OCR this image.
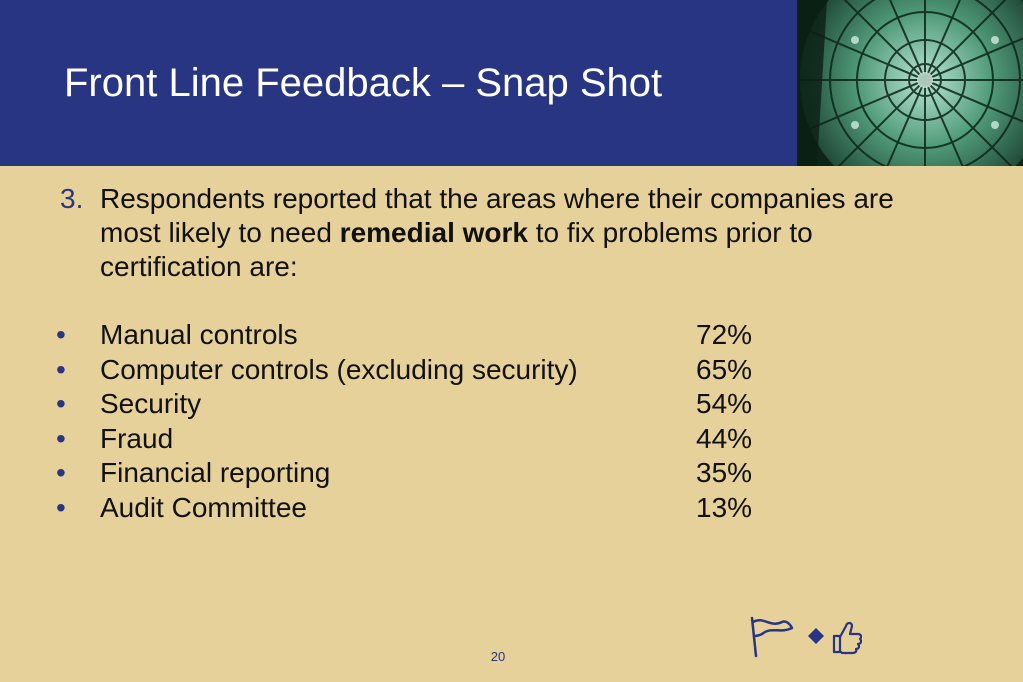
Front Line Feedback – Snap Shot
3. Respondents reported that the areas where their companies are most likely to need remedial work to fix problems prior to certification are:
• Manual controls	72%
• Computer controls (excluding security)	65%
• Security	54%
• Fraud	44%
• Financial reporting	35%
• Audit Committee	13%
20
